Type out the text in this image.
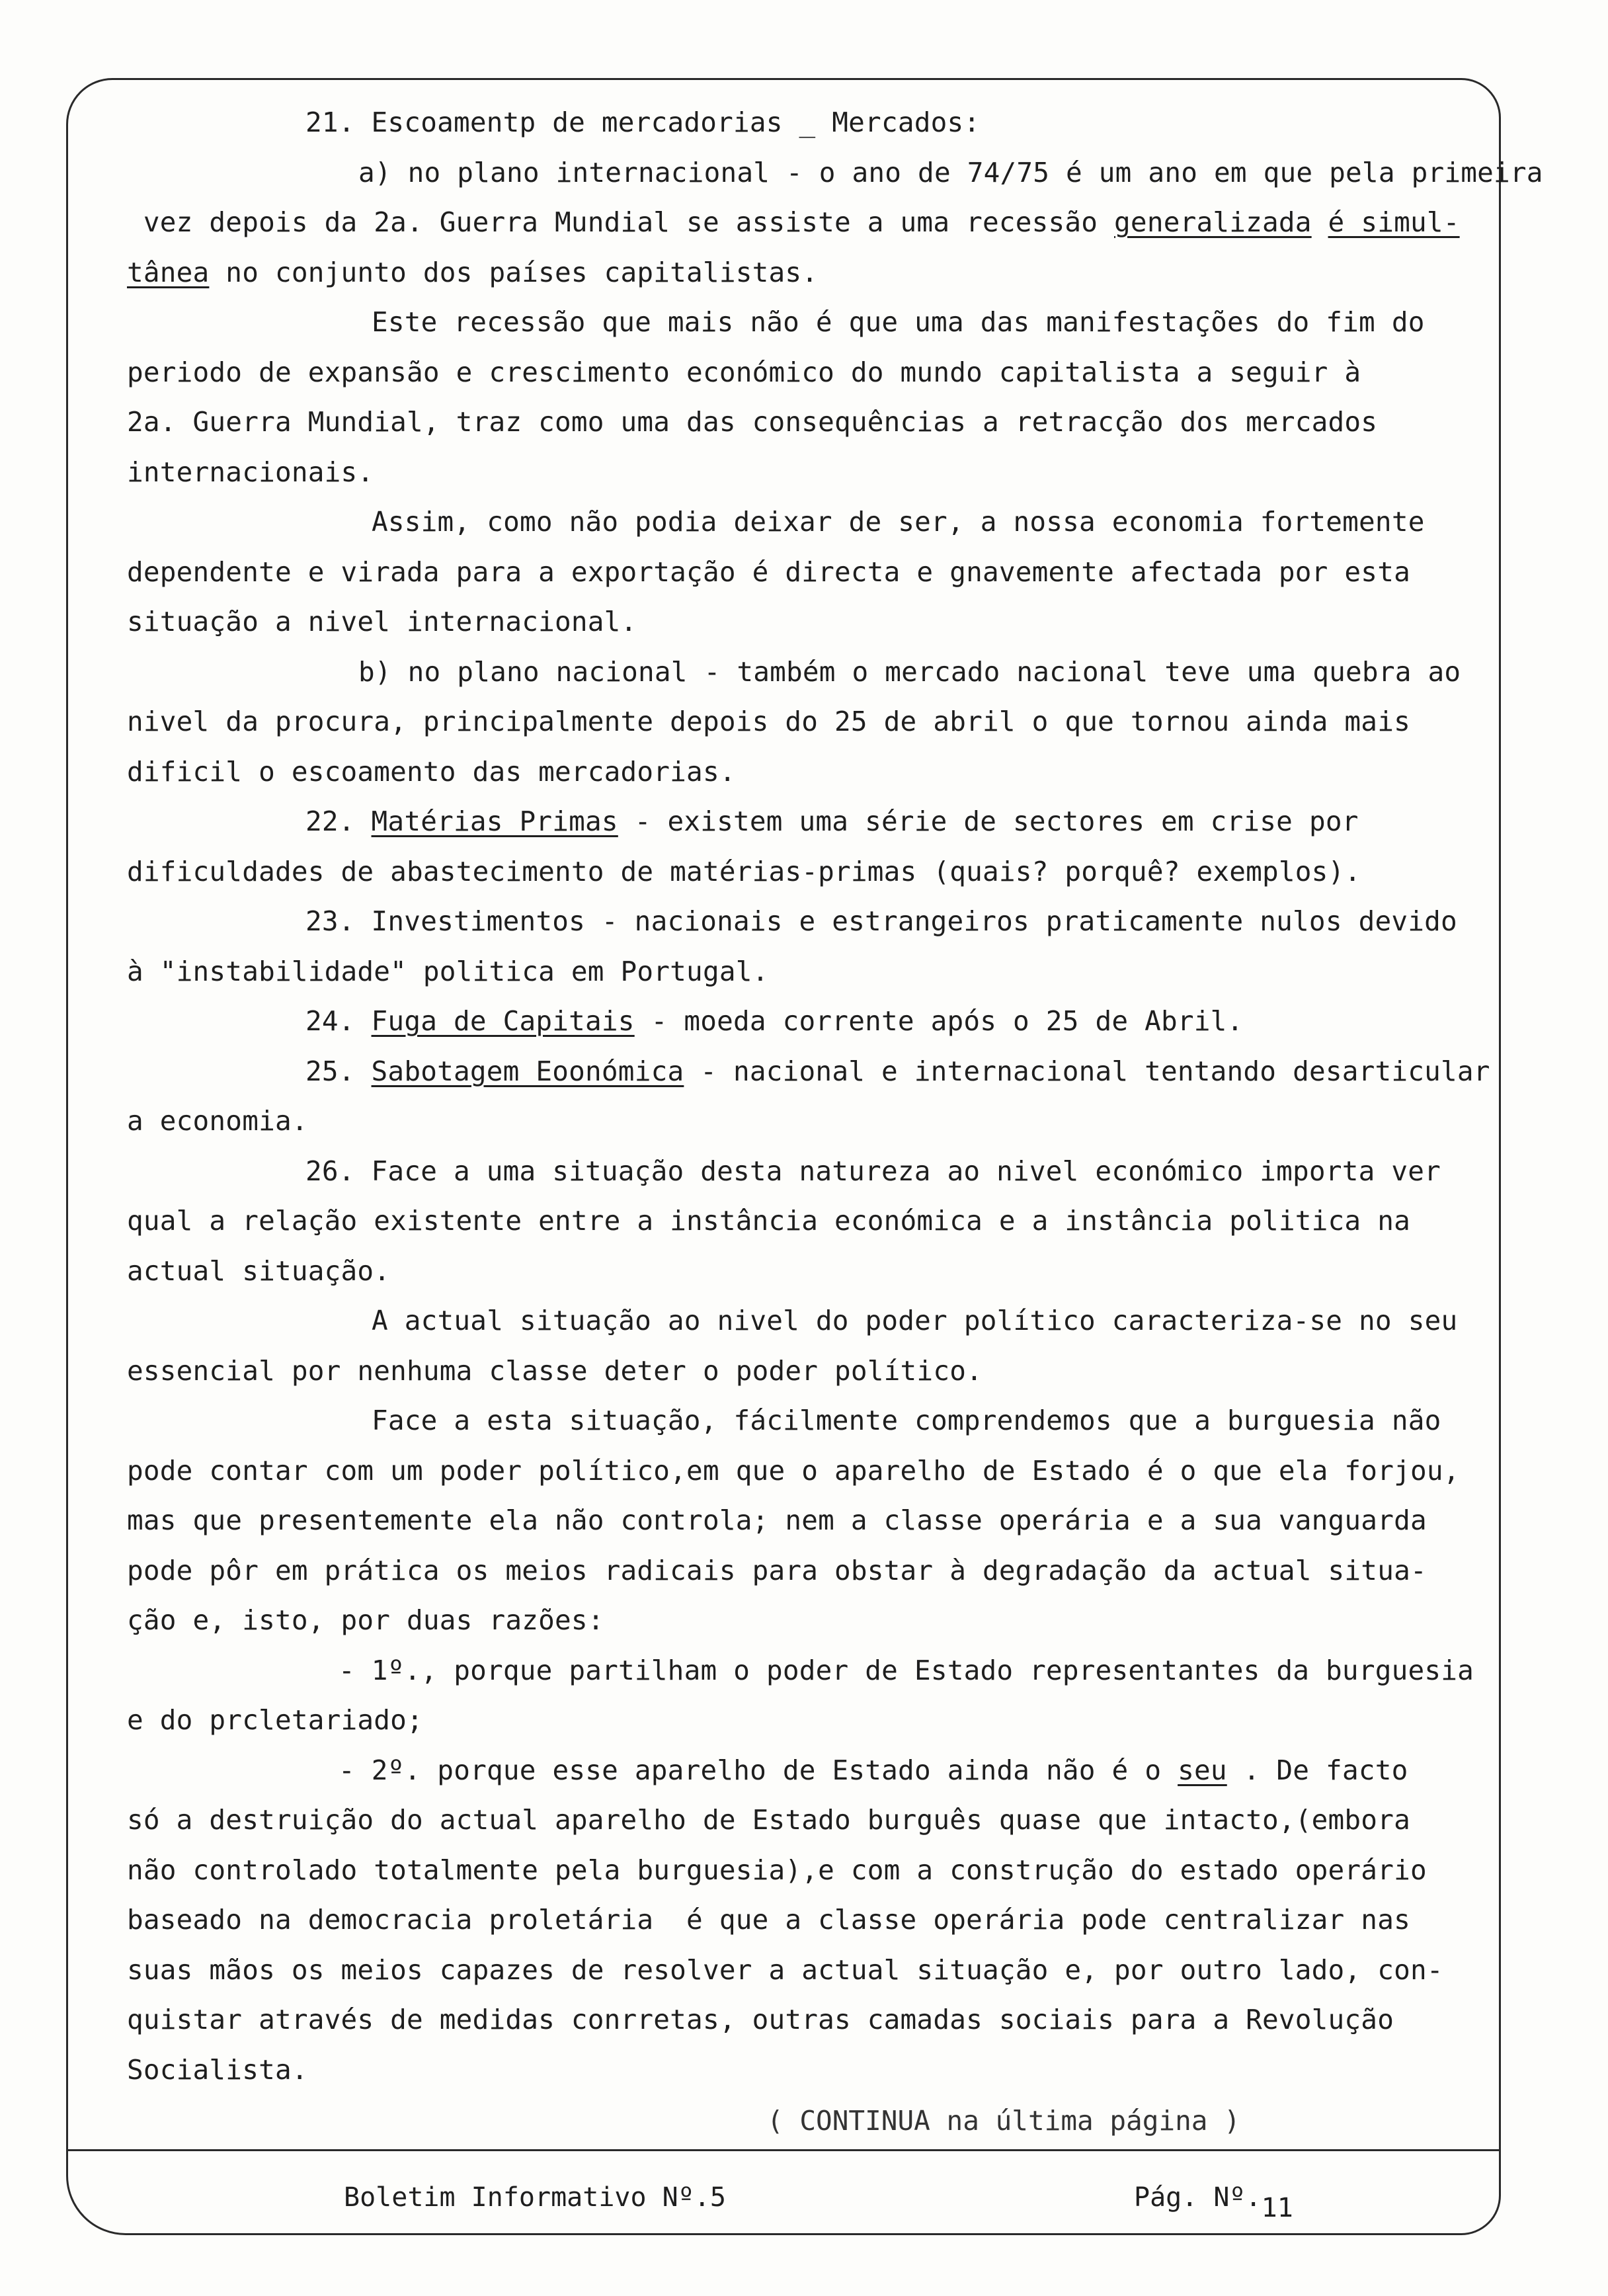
21. Escoamentp de mercadorias _ Mercados:
a) no plano internacional - o ano de 74/75 é um ano em que pela primeira
vez depois da 2a. Guerra Mundial se assiste a uma recessão generalizada é simul-
tânea no conjunto dos países capitalistas.
Este recessão que mais não é que uma das manifestações do fim do
periodo de expansão e crescimento económico do mundo capitalista a seguir à
2a. Guerra Mundial, traz como uma das consequências a retracção dos mercados
internacionais.
Assim, como não podia deixar de ser, a nossa economia fortemente
dependente e virada para a exportação é directa e gnavemente afectada por esta
situação a nivel internacional.
b) no plano nacional - também o mercado nacional teve uma quebra ao
nivel da procura, principalmente depois do 25 de abril o que tornou ainda mais
dificil o escoamento das mercadorias.
22. Matérias Primas - existem uma série de sectores em crise por
dificuldades de abastecimento de matérias-primas (quais? porquê? exemplos).
23. Investimentos - nacionais e estrangeiros praticamente nulos devido
à "instabilidade" politica em Portugal.
24. Fuga de Capitais - moeda corrente após o 25 de Abril.
25. Sabotagem Eoonómica - nacional e internacional tentando desarticular
a economia.
26. Face a uma situação desta natureza ao nivel económico importa ver
qual a relação existente entre a instância económica e a instância politica na
actual situação.
A actual situação ao nivel do poder político caracteriza-se no seu
essencial por nenhuma classe deter o poder político.
Face a esta situação, fácilmente comprendemos que a burguesia não
pode contar com um poder político,em que o aparelho de Estado é o que ela forjou,
mas que presentemente ela não controla; nem a classe operária e a sua vanguarda
pode pôr em prática os meios radicais para obstar à degradação da actual situa-
ção e, isto, por duas razões:
- 1º., porque partilham o poder de Estado representantes da burguesia
e do prcletariado;
- 2º. porque esse aparelho de Estado ainda não é o seu . De facto
só a destruição do actual aparelho de Estado burguês quase que intacto,(embora
não controlado totalmente pela burguesia),e com a construção do estado operário
baseado na democracia proletária  é que a classe operária pode centralizar nas
suas mãos os meios capazes de resolver a actual situação e, por outro lado, con-
quistar através de medidas conrretas, outras camadas sociais para a Revolução
Socialista.
( CONTINUA na última página )
Boletim Informativo Nº.5	Pág. Nº.11
